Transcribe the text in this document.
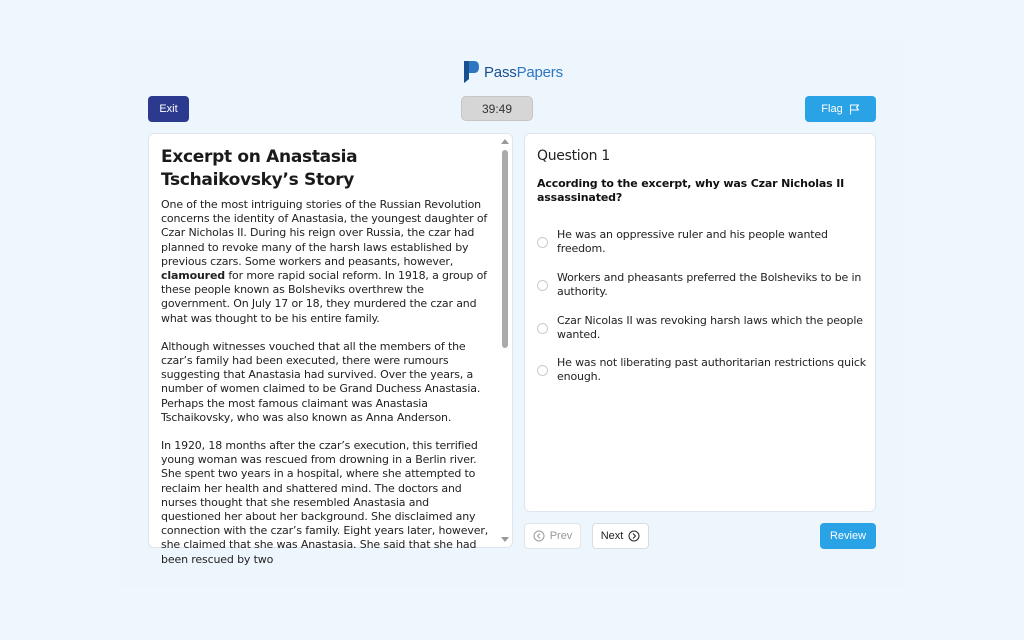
PassPapers
Exit	39:49	Flag
Excerpt on Anastasia Tschaikovsky’s Story

One of the most intriguing stories of the Russian Revolution concerns the identity of Anastasia, the youngest daughter of Czar Nicholas II. During his reign over Russia, the czar had planned to revoke many of the harsh laws established by previous czars. Some workers and peasants, however, clamoured for more rapid social reform. In 1918, a group of these people known as Bolsheviks overthrew the government. On July 17 or 18, they murdered the czar and what was thought to be his entire family.

Although witnesses vouched that all the members of the czar’s family had been executed, there were rumours suggesting that Anastasia had survived. Over the years, a number of women claimed to be Grand Duchess Anastasia. Perhaps the most famous claimant was Anastasia Tschaikovsky, who was also known as Anna Anderson.

In 1920, 18 months after the czar’s execution, this terrified young woman was rescued from drowning in a Berlin river. She spent two years in a hospital, where she attempted to reclaim her health and shattered mind. The doctors and nurses thought that she resembled Anastasia and questioned her about her background. She disclaimed any connection with the czar’s family. Eight years later, however, she claimed that she was Anastasia. She said that she had been rescued by two

Question 1
According to the excerpt, why was Czar Nicholas II assassinated?
He was an oppressive ruler and his people wanted freedom.
Workers and pheasants preferred the Bolsheviks to be in authority.
Czar Nicolas II was revoking harsh laws which the people wanted.
He was not liberating past authoritarian restrictions quick enough.
Prev	Next	Review
